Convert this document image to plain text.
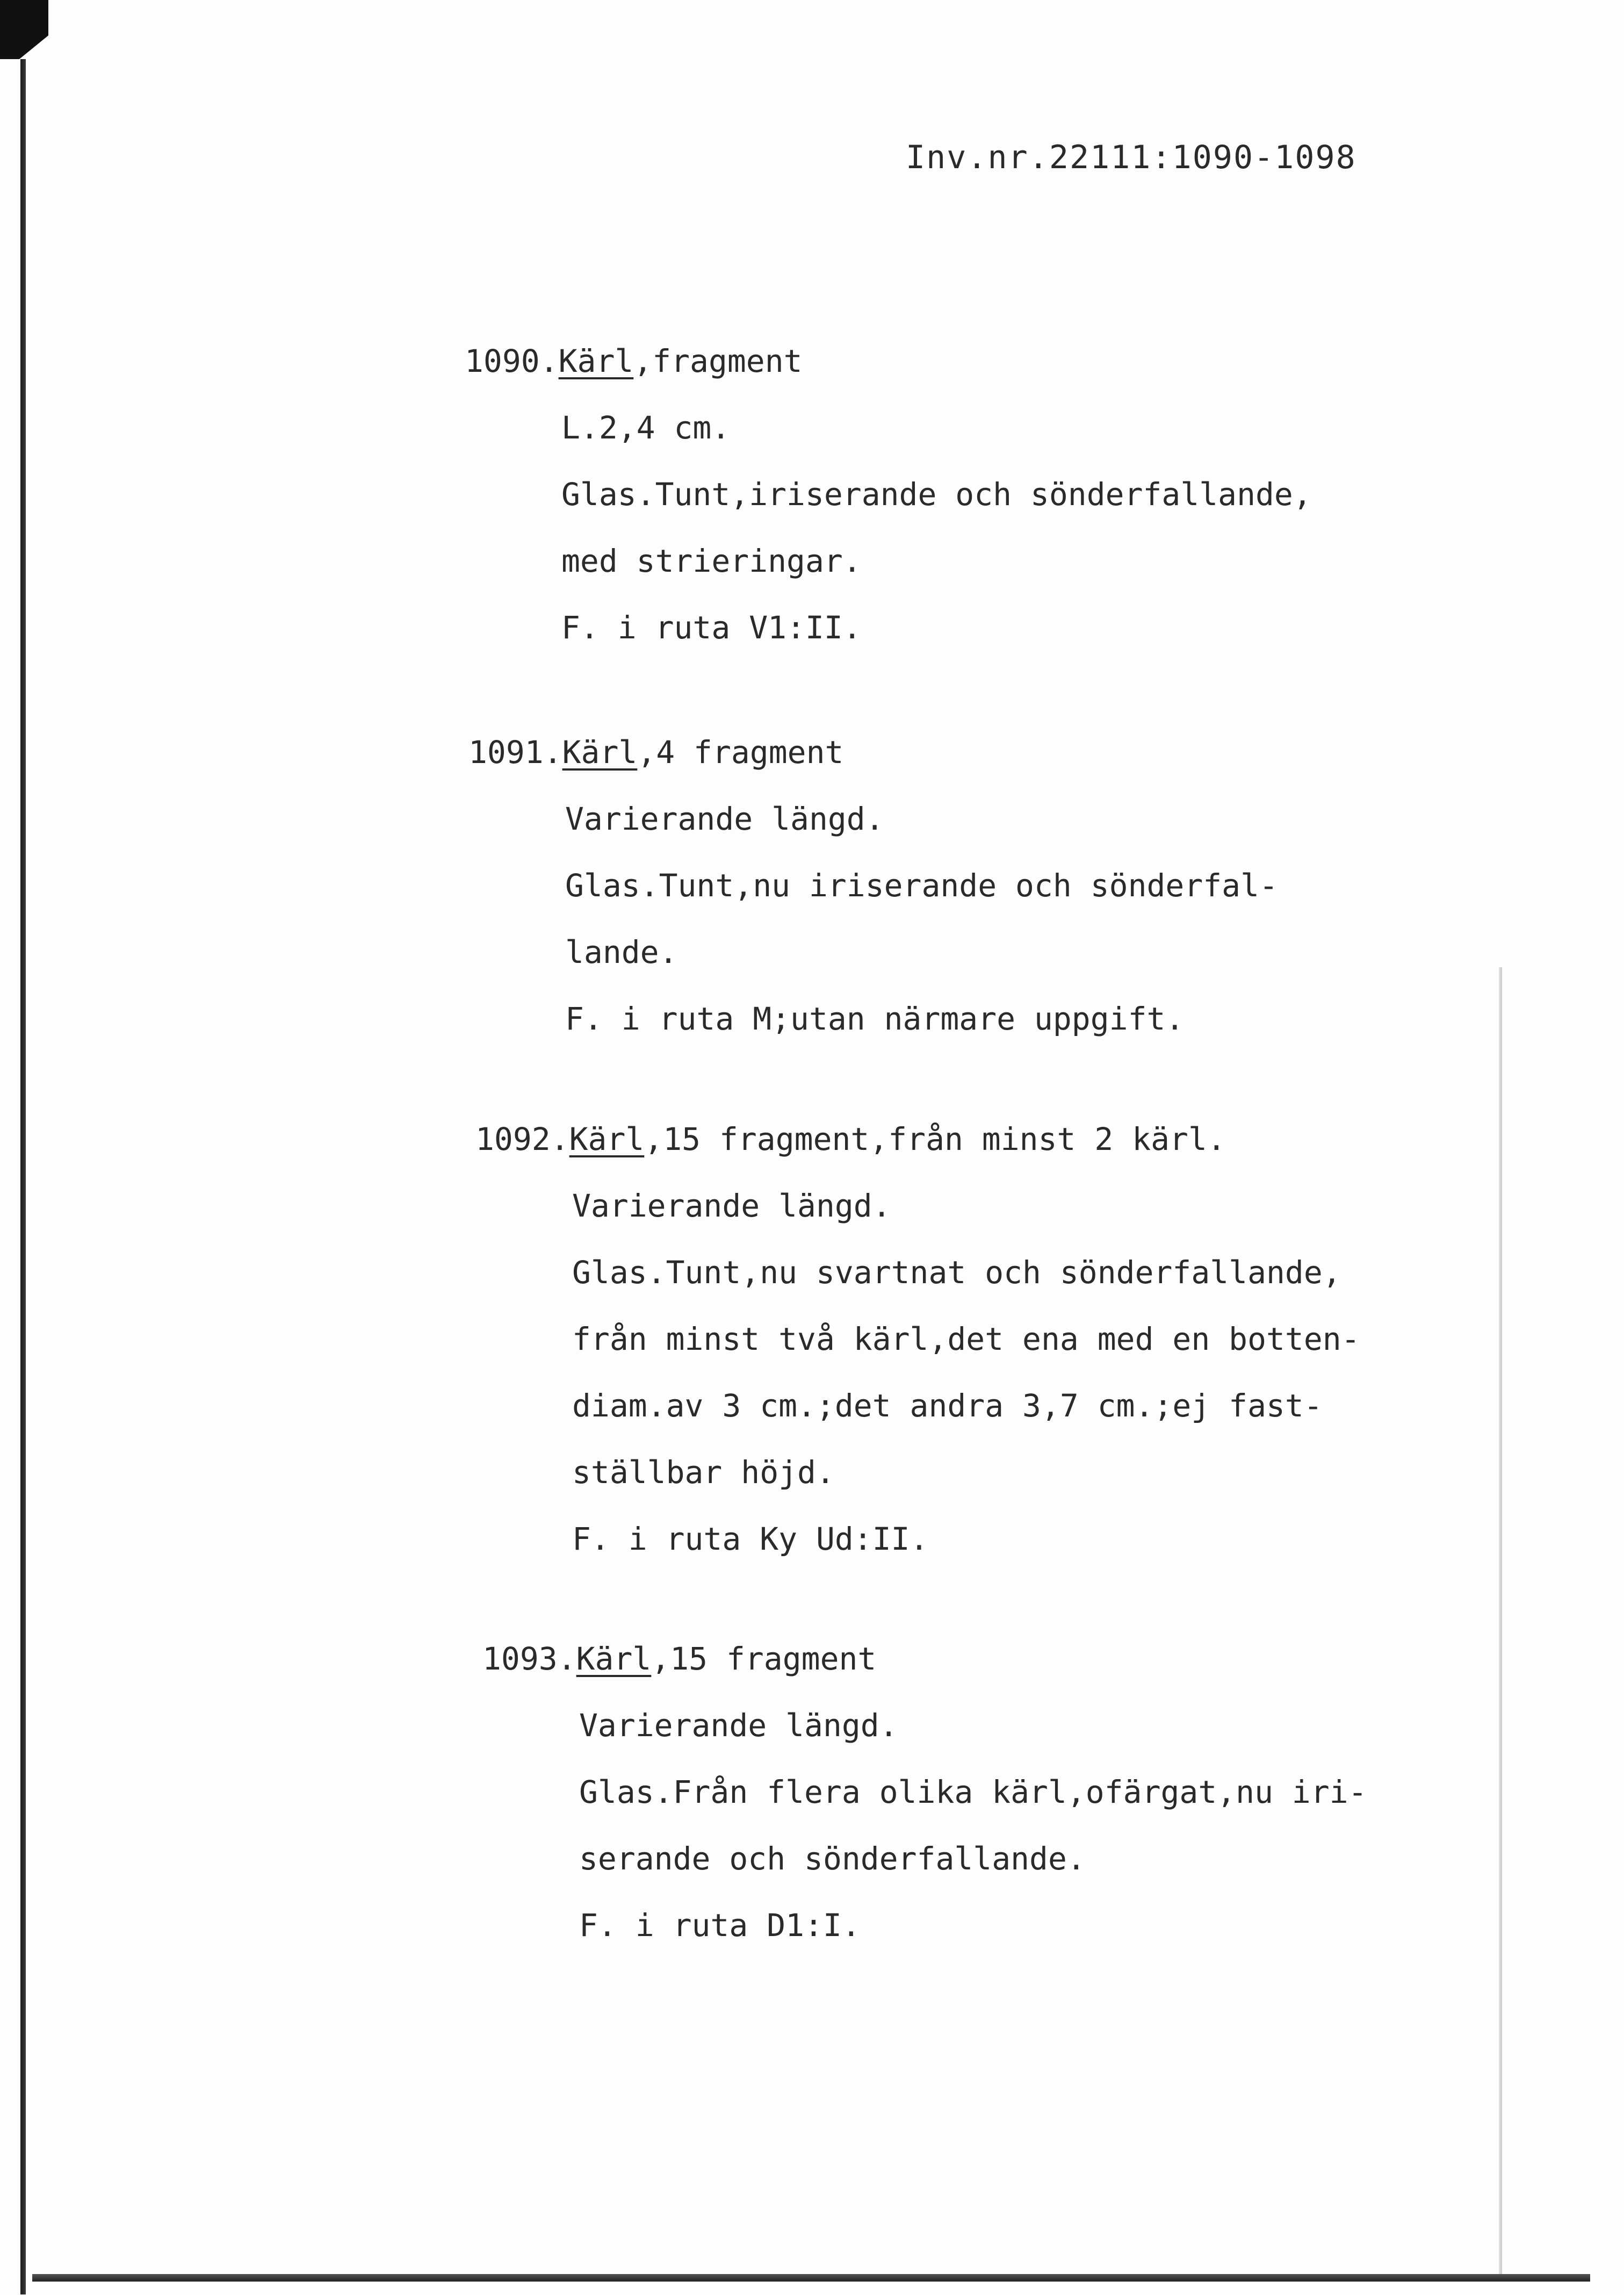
Inv.nr.22111:1090-1098
1090.Kärl,fragment
L.2,4 cm.
Glas.Tunt,iriserande och sönderfallande,
med strieringar.
F. i ruta V1:II.
1091.Kärl,4 fragment
Varierande längd.
Glas.Tunt,nu iriserande och sönderfal-
lande.
F. i ruta M;utan närmare uppgift.
1092.Kärl,15 fragment,från minst 2 kärl.
Varierande längd.
Glas.Tunt,nu svartnat och sönderfallande,
från minst två kärl,det ena med en botten-
diam.av 3 cm.;det andra 3,7 cm.;ej fast-
ställbar höjd.
F. i ruta Ky Ud:II.
1093.Kärl,15 fragment
Varierande längd.
Glas.Från flera olika kärl,ofärgat,nu iri-
serande och sönderfallande.
F. i ruta D1:I.
